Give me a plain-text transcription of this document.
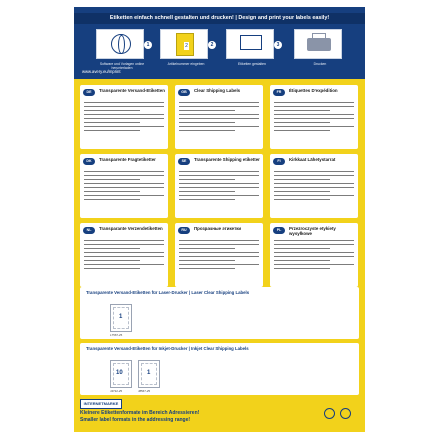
Etiketten einfach schnell gestalten und drucken! | Design and print your labels easily!
1
Software und Vorlagen online herunterladen
2	2
Artikelnummer eingeben
3
Etiketten gestalten	Drucken
www.avery.eu/mprint
DE	Transparente Versand-Etiketten	GB	Clear Shipping Labels	FR	Étiquettes D'expédition
DK	Transparente Fragtetiketter	SE	Transparente Shipping etiketter	FI	Kirkkaat Lähetystarrat
NL	Transparante Verzendetiketten	RU	Прозрачные этикетки	PL	Przezroczyste etykiety wysyłkowe
Transparente Versand-Etiketten für Laser-Drucker | Laser Clear Shipping Labels
1
L7567-25
Transparente Versand-Etiketten für Inkjet-Drucker | Inkjet Clear Shipping Labels
10
J4722-25
1
J8567-25
INTERNETMARKE
Kleinere Etikettenformate im Bereich Adressieren!
Smaller label formats in the addressing range!
